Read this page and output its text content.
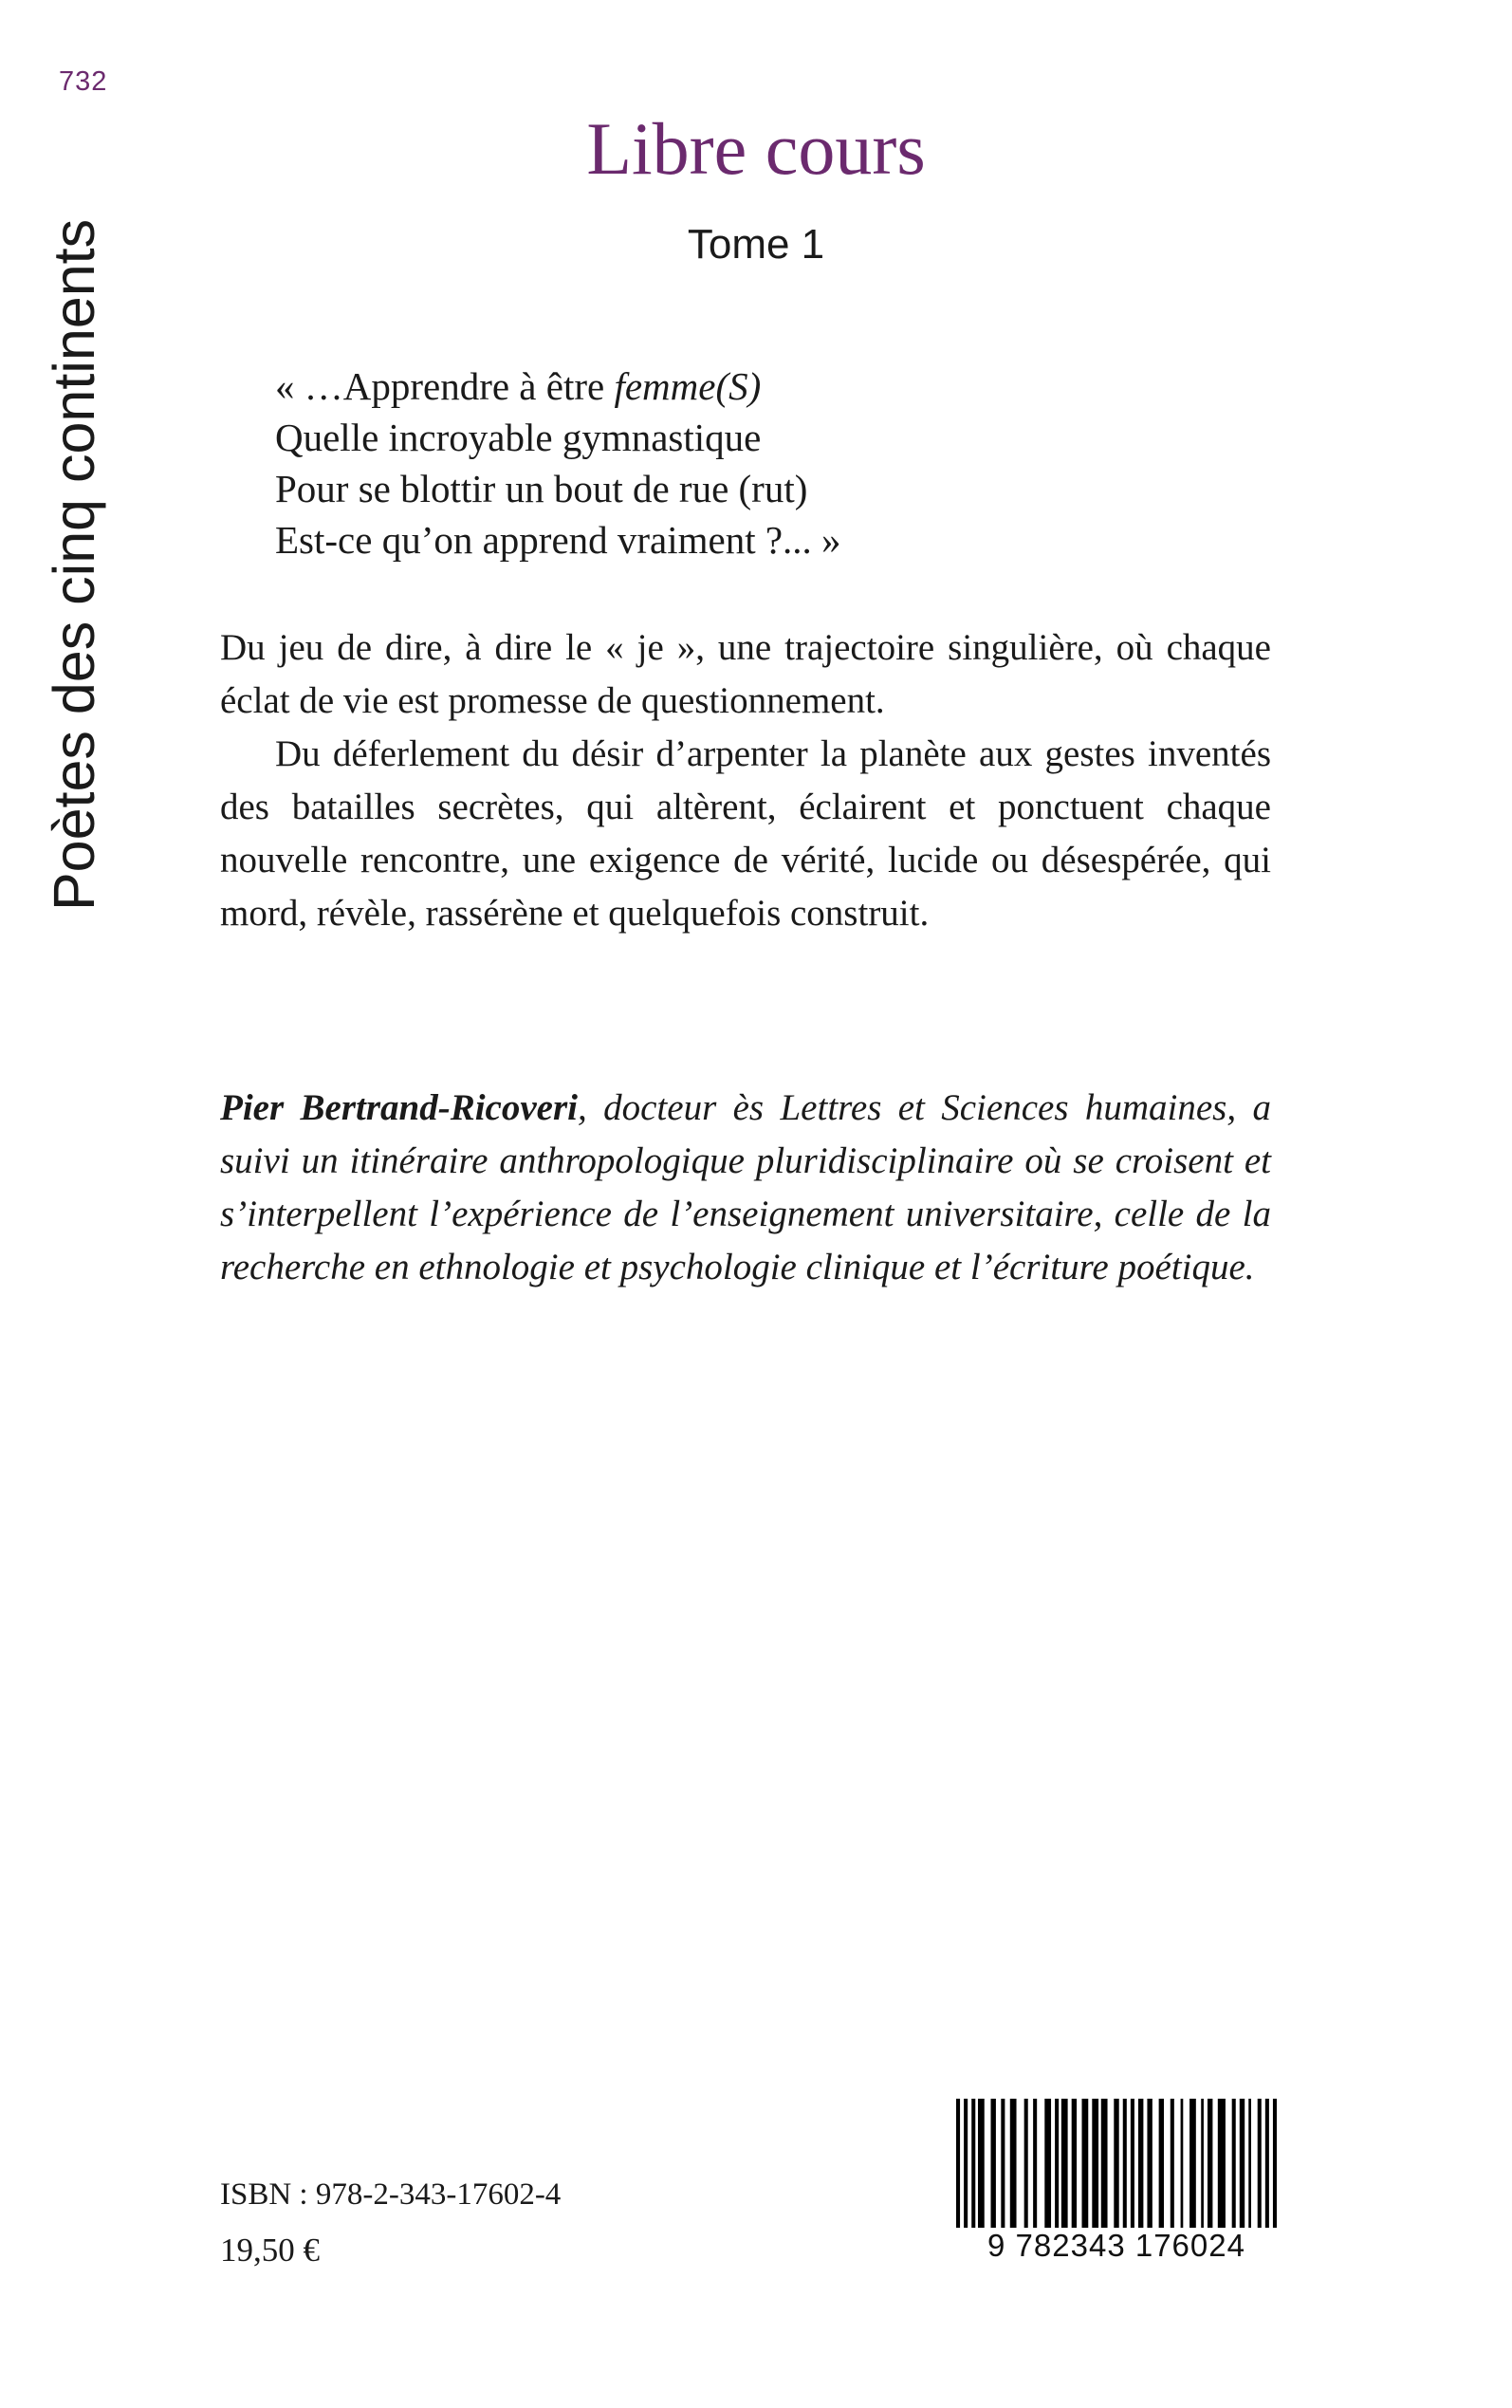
732
Poètes des cinq continents
Libre cours
Tome 1
« …Apprendre à être femme(S)
Quelle incroyable gymnastique
Pour se blottir un bout de rue (rut)
Est-ce qu’on apprend vraiment ?... »

Du jeu de dire, à dire le « je », une trajectoire singulière, où chaque éclat de vie est promesse de questionnement.

Du déferlement du désir d’arpenter la planète aux gestes inventés des batailles secrètes, qui altèrent, éclairent et ponctuent chaque nouvelle rencontre, une exigence de vérité, lucide ou désespérée, qui mord, révèle, rassérène et quelquefois construit.

Pier Bertrand-Ricoveri, docteur ès Lettres et Sciences humaines, a suivi un itinéraire anthropologique pluridisciplinaire où se croisent et s’interpellent l’expérience de l’enseignement universitaire, celle de la recherche en ethnologie et psychologie clinique et l’écriture poétique.
ISBN : 978-2-343-17602-4
19,50 €	9 782343 176024
